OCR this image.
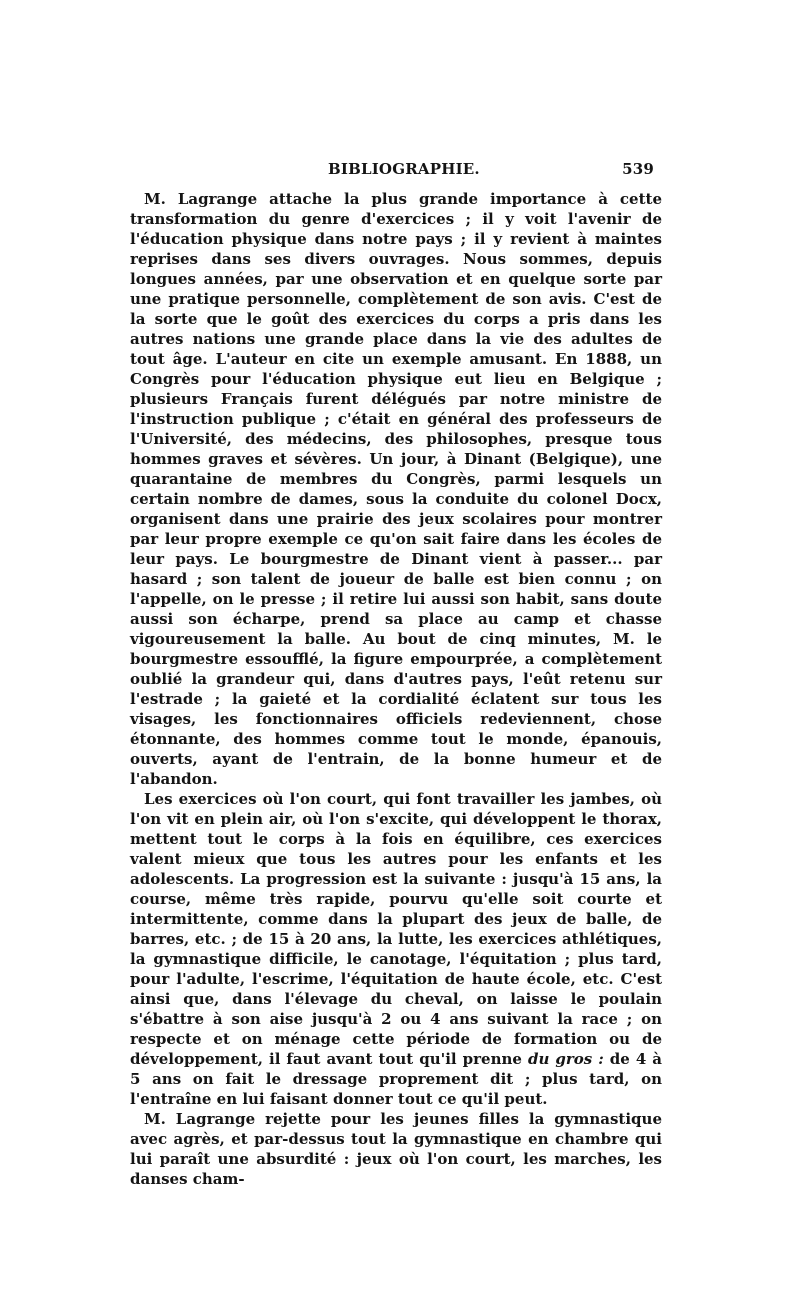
BIBLIOGRAPHIE.	539

M. Lagrange attache la plus grande importance à cette transformation du genre d'exercices ; il y voit l'avenir de l'éducation physique dans notre pays ; il y revient à maintes reprises dans ses divers ouvrages. Nous sommes, depuis longues années, par une observation et en quelque sorte par une pratique personnelle, complètement de son avis. C'est de la sorte que le goût des exercices du corps a pris dans les autres nations une grande place dans la vie des adultes de tout âge. L'auteur en cite un exemple amusant. En 1888, un Congrès pour l'éducation physique eut lieu en Belgique ; plusieurs Français furent délégués par notre ministre de l'instruction publique ; c'était en général des professeurs de l'Université, des médecins, des philosophes, presque tous hommes graves et sévères. Un jour, à Dinant (Belgique), une quarantaine de membres du Congrès, parmi lesquels un certain nombre de dames, sous la conduite du colonel Docx, organisent dans une prairie des jeux scolaires pour montrer par leur propre exemple ce qu'on sait faire dans les écoles de leur pays. Le bourgmestre de Dinant vient à passer... par hasard ; son talent de joueur de balle est bien connu ; on l'appelle, on le presse ; il retire lui aussi son habit, sans doute aussi son écharpe, prend sa place au camp et chasse vigoureusement la balle. Au bout de cinq minutes, M. le bourgmestre essoufflé, la figure empourprée, a complètement oublié la grandeur qui, dans d'autres pays, l'eût retenu sur l'estrade ; la gaieté et la cordialité éclatent sur tous les visages, les fonctionnaires officiels redeviennent, chose étonnante, des hommes comme tout le monde, épanouis, ouverts, ayant de l'entrain, de la bonne humeur et de l'abandon.

Les exercices où l'on court, qui font travailler les jambes, où l'on vit en plein air, où l'on s'excite, qui développent le thorax, mettent tout le corps à la fois en équilibre, ces exercices valent mieux que tous les autres pour les enfants et les adolescents. La progression est la suivante : jusqu'à 15 ans, la course, même très rapide, pourvu qu'elle soit courte et intermittente, comme dans la plupart des jeux de balle, de barres, etc. ; de 15 à 20 ans, la lutte, les exercices athlétiques, la gymnastique difficile, le canotage, l'équitation ; plus tard, pour l'adulte, l'escrime, l'équitation de haute école, etc. C'est ainsi que, dans l'élevage du cheval, on laisse le poulain s'ébattre à son aise jusqu'à 2 ou 4 ans suivant la race ; on respecte et on ménage cette période de formation ou de développement, il faut avant tout qu'il prenne du gros : de 4 à 5 ans on fait le dressage proprement dit ; plus tard, on l'entraîne en lui faisant donner tout ce qu'il peut.

M. Lagrange rejette pour les jeunes filles la gymnastique avec agrès, et par-dessus tout la gymnastique en chambre qui lui paraît une absurdité : jeux où l'on court, les marches, les danses cham-
